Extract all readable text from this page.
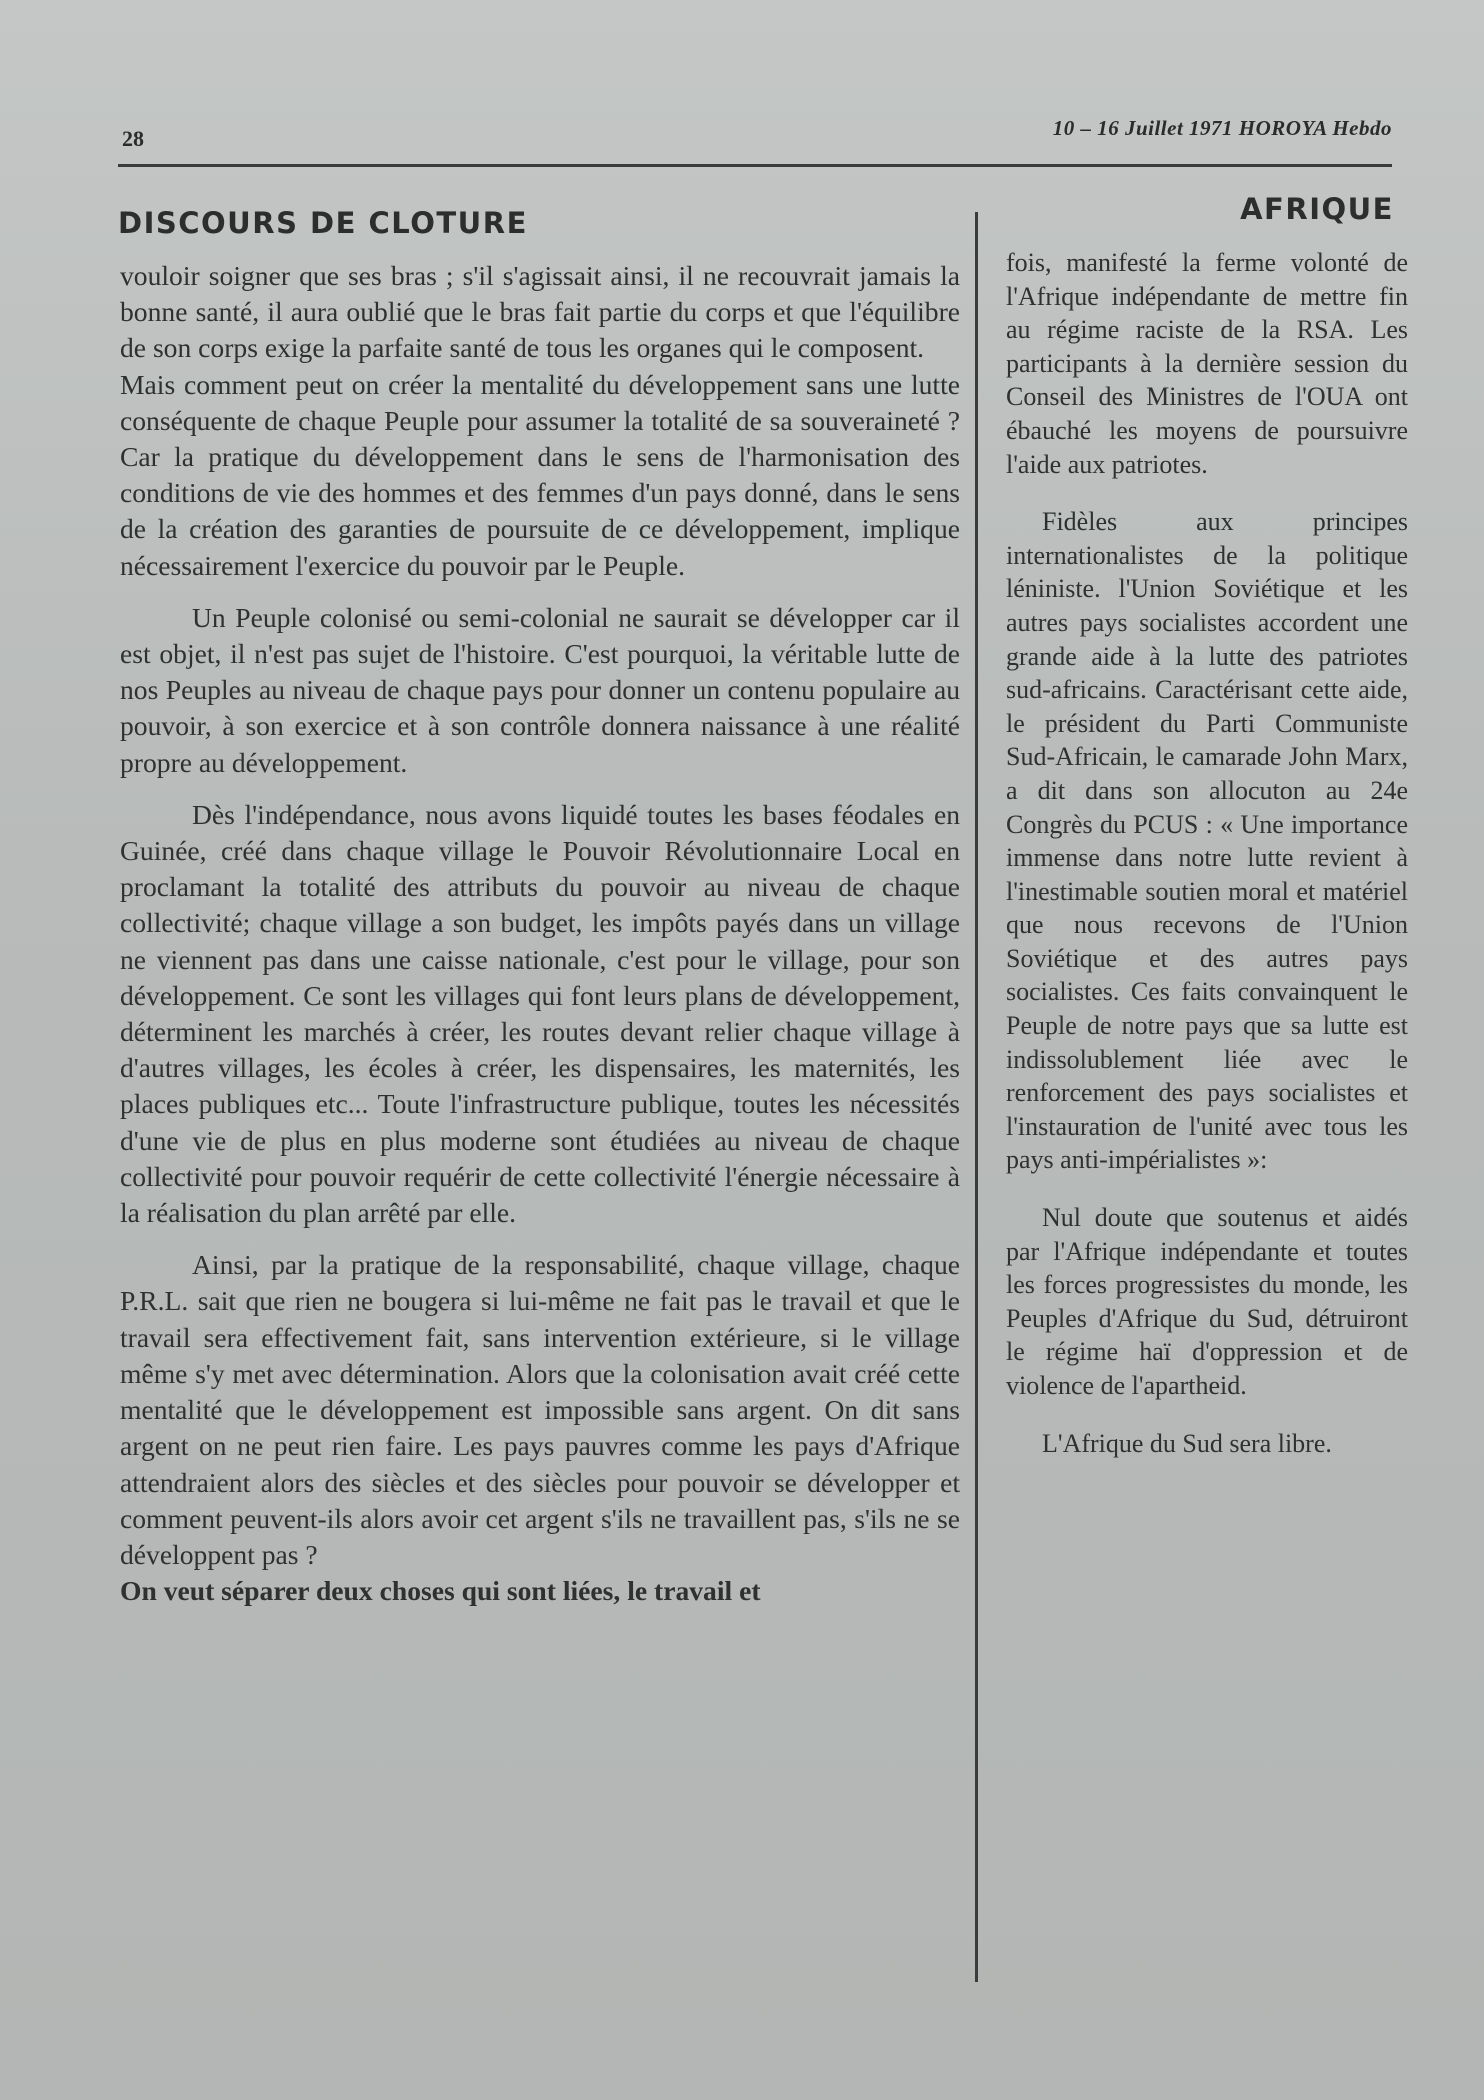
28	10 – 16 Juillet 1971 HOROYA Hebdo
DISCOURS DE CLOTURE	AFRIQUE

vouloir soigner que ses bras ; s'il s'agissait ainsi, il ne recouvrait jamais la bonne santé, il aura oublié que le bras fait partie du corps et que l'équilibre de son corps exige la parfaite santé de tous les organes qui le composent.

Mais comment peut on créer la mentalité du développement sans une lutte conséquente de chaque Peuple pour assumer la totalité de sa souveraineté ? Car la pratique du développement dans le sens de l'harmonisation des conditions de vie des hommes et des femmes d'un pays donné, dans le sens de la création des garanties de poursuite de ce développement, implique nécessairement l'exercice du pouvoir par le Peuple.

Un Peuple colonisé ou semi-colonial ne saurait se développer car il est objet, il n'est pas sujet de l'histoire. C'est pourquoi, la véritable lutte de nos Peuples au niveau de chaque pays pour donner un contenu populaire au pouvoir, à son exercice et à son contrôle donnera naissance à une réalité propre au développement.

Dès l'indépendance, nous avons liquidé toutes les bases féodales en Guinée, créé dans chaque village le Pouvoir Révolutionnaire Local en proclamant la totalité des attributs du pouvoir au niveau de chaque collectivité; chaque village a son budget, les impôts payés dans un village ne viennent pas dans une caisse nationale, c'est pour le village, pour son développement. Ce sont les villages qui font leurs plans de développement, déterminent les marchés à créer, les routes devant relier chaque village à d'autres villages, les écoles à créer, les dispensaires, les maternités, les places publiques etc... Toute l'infrastructure publique, toutes les nécessités d'une vie de plus en plus moderne sont étudiées au niveau de chaque collectivité pour pouvoir requérir de cette collectivité l'énergie nécessaire à la réalisation du plan arrêté par elle.

Ainsi, par la pratique de la responsabilité, chaque village, chaque P.R.L. sait que rien ne bougera si lui-même ne fait pas le travail et que le travail sera effectivement fait, sans intervention extérieure, si le village même s'y met avec détermination. Alors que la colonisation avait créé cette mentalité que le développement est impossible sans argent. On dit sans argent on ne peut rien faire. Les pays pauvres comme les pays d'Afrique attendraient alors des siècles et des siècles pour pouvoir se développer et comment peuvent-ils alors avoir cet argent s'ils ne travaillent pas, s'ils ne se développent pas ?

On veut séparer deux choses qui sont liées, le travail et

fois, manifesté la ferme volonté de l'Afrique indépendante de mettre fin au régime raciste de la RSA. Les participants à la dernière session du Conseil des Ministres de l'OUA ont ébauché les moyens de poursuivre l'aide aux patriotes.

Fidèles aux principes internationalistes de la politique léniniste. l'Union Soviétique et les autres pays socialistes accordent une grande aide à la lutte des patriotes sud-africains. Caractérisant cette aide, le président du Parti Communiste Sud-Africain, le camarade John Marx, a dit dans son allocuton au 24e Congrès du PCUS : « Une importance immense dans notre lutte revient à l'inestimable soutien moral et matériel que nous recevons de l'Union Soviétique et des autres pays socialistes. Ces faits convainquent le Peuple de notre pays que sa lutte est indissolublement liée avec le renforcement des pays socialistes et l'instauration de l'unité avec tous les pays anti-impérialistes »:

Nul doute que soutenus et aidés par l'Afrique indépendante et toutes les forces progressistes du monde, les Peuples d'Afrique du Sud, détruiront le régime haï d'oppression et de violence de l'apartheid.

L'Afrique du Sud sera libre.
